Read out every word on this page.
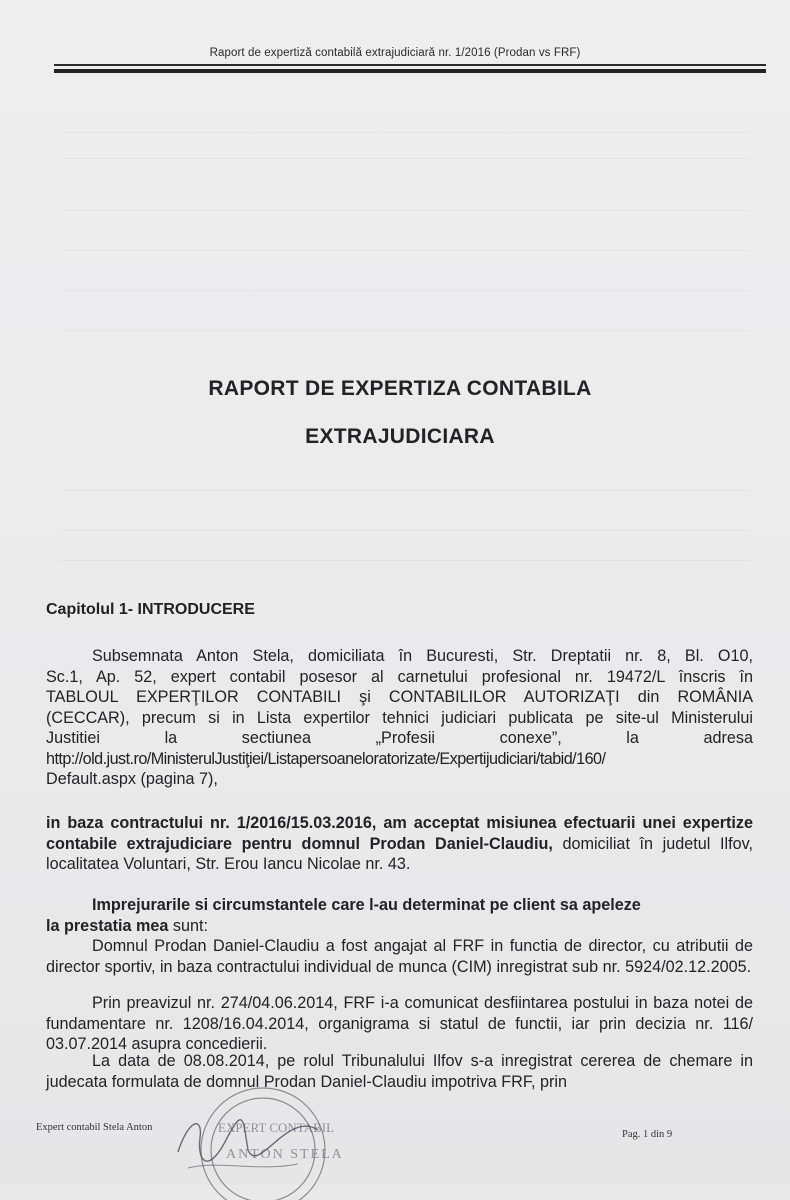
Raport de expertiză contabilă extrajudiciară nr. 1/2016 (Prodan vs FRF)
RAPORT DE EXPERTIZA CONTABILA
EXTRAJUDICIARA
Capitolul 1- INTRODUCERE
Subsemnata Anton Stela, domiciliata în Bucuresti, Str. Dreptatii nr. 8, Bl. O10,
Sc.1, Ap. 52, expert contabil posesor al carnetului profesional nr. 19472/L înscris în
TABLOUL EXPERŢILOR CONTABILI şi CONTABILILOR AUTORIZAŢI din ROMÂNIA
(CECCAR), precum si in Lista expertilor tehnici judiciari publicata pe site-ul Ministerului
Justitiei la sectiunea „Profesii conexe”, la adresa
http://old.just.ro/MinisterulJustiţiei/Listapersoaneloratorizate/Expertijudiciari/tabid/160/
Default.aspx (pagina 7),
in baza contractului nr. 1/2016/15.03.2016, am acceptat misiunea efectuarii unei expertize contabile extrajudiciare pentru domnul Prodan Daniel-Claudiu, domiciliat în judetul Ilfov, localitatea Voluntari, Str. Erou Iancu Nicolae nr. 43.
Imprejurarile si circumstantele care l-au determinat pe client sa apeleze la prestatia mea sunt:
Domnul Prodan Daniel-Claudiu a fost angajat al FRF in functia de director, cu atributii de director sportiv, in baza contractului individual de munca (CIM) inregistrat sub nr. 5924/02.12.2005.
Prin preavizul nr. 274/04.06.2014, FRF i-a comunicat desfiintarea postului in baza notei de fundamentare nr. 1208/16.04.2014, organigrama si statul de functii, iar prin decizia nr. 116/ 03.07.2014 asupra concedierii.
La data de 08.08.2014, pe rolul Tribunalului Ilfov s-a inregistrat cererea de chemare in judecata formulata de domnul Prodan Daniel-Claudiu impotriva FRF, prin
Expert contabil Stela Anton
Pag. 1 din 9
EXPERT CONTABIL
ANTON STELA
